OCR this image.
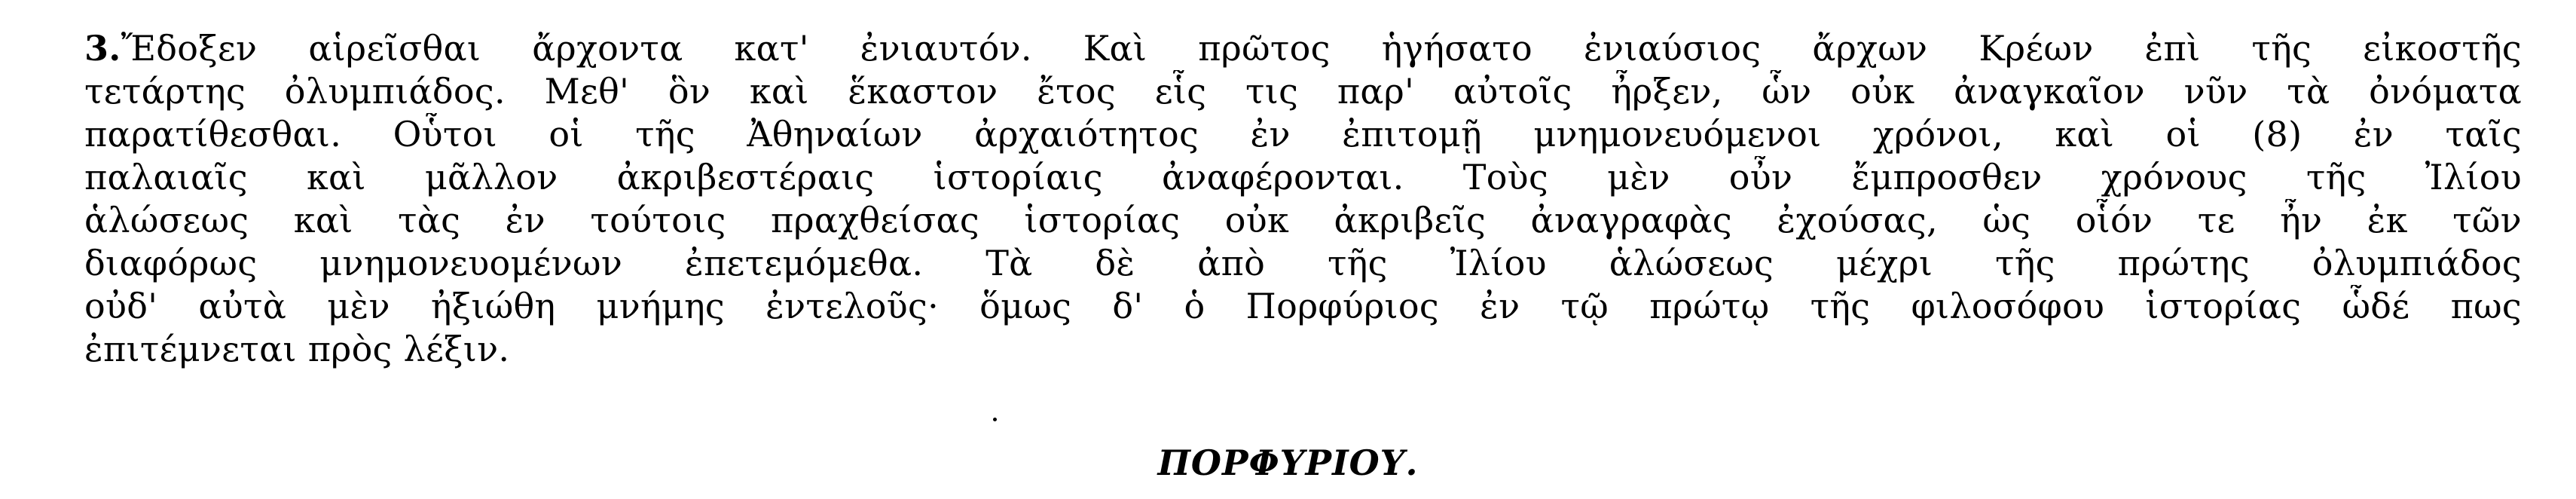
3.Ἔδοξεν αἱρεῖσθαι ἄρχοντα κατ' ἐνιαυτόν. Καὶ πρῶτος ἡγήσατο ἐνιαύσιος ἄρχων Κρέων ἐπὶ τῆς εἰκοστῆς
τετάρτης ὀλυμπιάδος. Μεθ' ὃν καὶ ἕκαστον ἔτος εἷς τις παρ' αὐτοῖς ἦρξεν, ὧν οὐκ ἀναγκαῖον νῦν τὰ ὀνόματα
παρατίθεσθαι. Οὗτοι οἱ τῆς Ἀθηναίων ἀρχαιότητος ἐν ἐπιτομῇ μνημονευόμενοι χρόνοι, καὶ οἱ (8) ἐν ταῖς
παλαιαῖς καὶ μᾶλλον ἀκριβεστέραις ἱστορίαις ἀναφέρονται. Τοὺς μὲν οὖν ἔμπροσθεν χρόνους τῆς Ἰλίου
ἁλώσεως καὶ τὰς ἐν τούτοις πραχθείσας ἱστορίας οὐκ ἀκριβεῖς ἀναγραφὰς ἐχούσας, ὡς οἷόν τε ἦν ἐκ τῶν
διαφόρως μνημονευομένων ἐπετεμόμεθα. Τὰ δὲ ἀπὸ τῆς Ἰλίου ἁλώσεως μέχρι τῆς πρώτης ὀλυμπιάδος
οὐδ' αὐτὰ μὲν ἠξιώθη μνήμης ἐντελοῦς· ὅμως δ' ὁ Πορφύριος ἐν τῷ πρώτῳ τῆς φιλοσόφου ἱστορίας ὧδέ πως
ἐπιτέμνεται πρὸς λέξιν.
ΠΟΡΦΥΡΙΟΥ.
